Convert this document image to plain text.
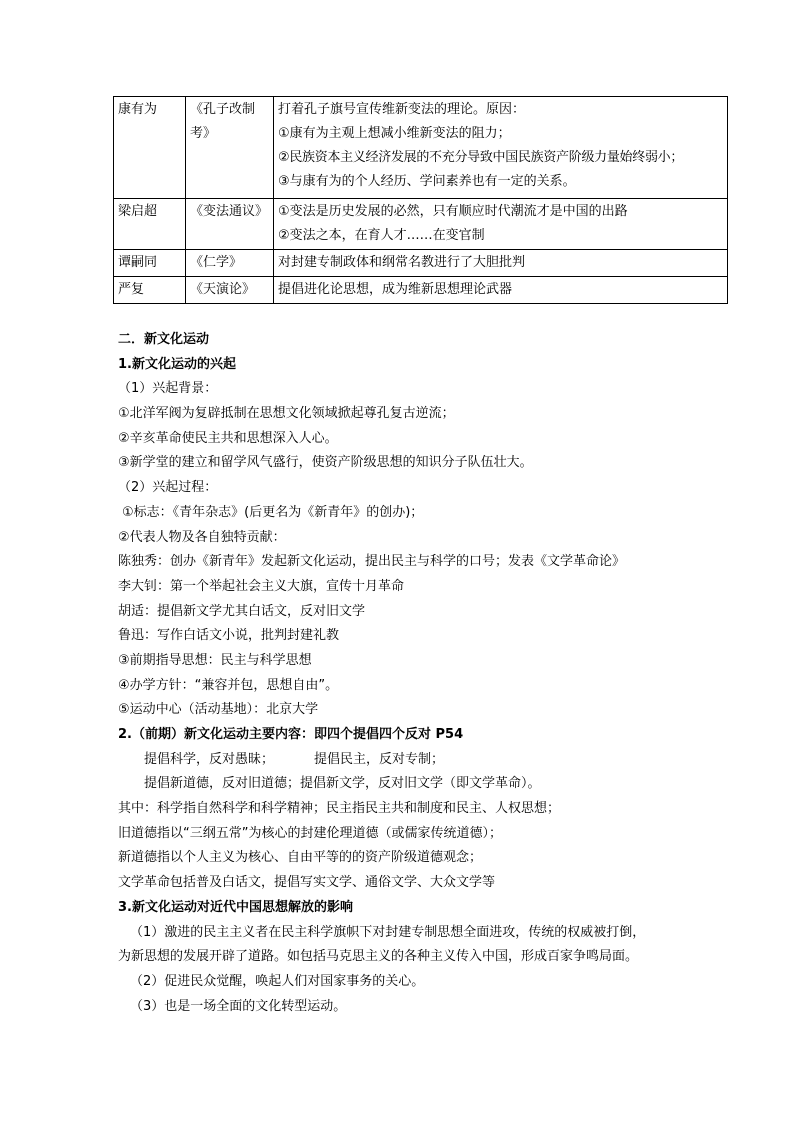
康有为	《孔子改制考》	打着孔子旗号宣传维新变法的理论。原因：
①康有为主观上想减小维新变法的阻力；
②民族资本主义经济发展的不充分导致中国民族资产阶级力量始终弱小；
③与康有为的个人经历、学问素养也有一定的关系。

梁启超	《变法通议》	①变法是历史发展的必然，只有顺应时代潮流才是中国的出路
②变法之本，在育人才……在变官制

谭嗣同	《仁学》	对封建专制政体和纲常名教进行了大胆批判

严复	《天演论》	提倡进化论思想，成为维新思想理论武器
二．新文化运动
1.新文化运动的兴起
（1）兴起背景：
①北洋军阀为复辟抵制在思想文化领域掀起尊孔复古逆流；
②辛亥革命使民主共和思想深入人心。
③新学堂的建立和留学风气盛行，使资产阶级思想的知识分子队伍壮大。
（2）兴起过程：
①标志：《青年杂志》(后更名为《新青年》的创办)；
②代表人物及各自独特贡献：
陈独秀：创办《新青年》发起新文化运动，提出民主与科学的口号；发表《文学革命论》
李大钊：第一个举起社会主义大旗，宣传十月革命
胡适：提倡新文学尤其白话文，反对旧文学
鲁迅：写作白话文小说，批判封建礼教
③前期指导思想：民主与科学思想
④办学方针：“兼容并包，思想自由”。
⑤运动中心（活动基地）：北京大学
2.（前期）新文化运动主要内容：即四个提倡四个反对 P54
提倡科学，反对愚昧；	提倡民主，反对专制；
提倡新道德，反对旧道德；提倡新文学，反对旧文学（即文学革命）。
其中：科学指自然科学和科学精神；民主指民主共和制度和民主、人权思想；
旧道德指以“三纲五常”为核心的封建伦理道德（或儒家传统道德）；
新道德指以个人主义为核心、自由平等的的资产阶级道德观念；
文学革命包括普及白话文，提倡写实文学、通俗文学、大众文学等
3.新文化运动对近代中国思想解放的影响
（1）激进的民主主义者在民主科学旗帜下对封建专制思想全面进攻，传统的权威被打倒，
为新思想的发展开辟了道路。如包括马克思主义的各种主义传入中国，形成百家争鸣局面。
（2）促进民众觉醒，唤起人们对国家事务的关心。
（3）也是一场全面的文化转型运动。
